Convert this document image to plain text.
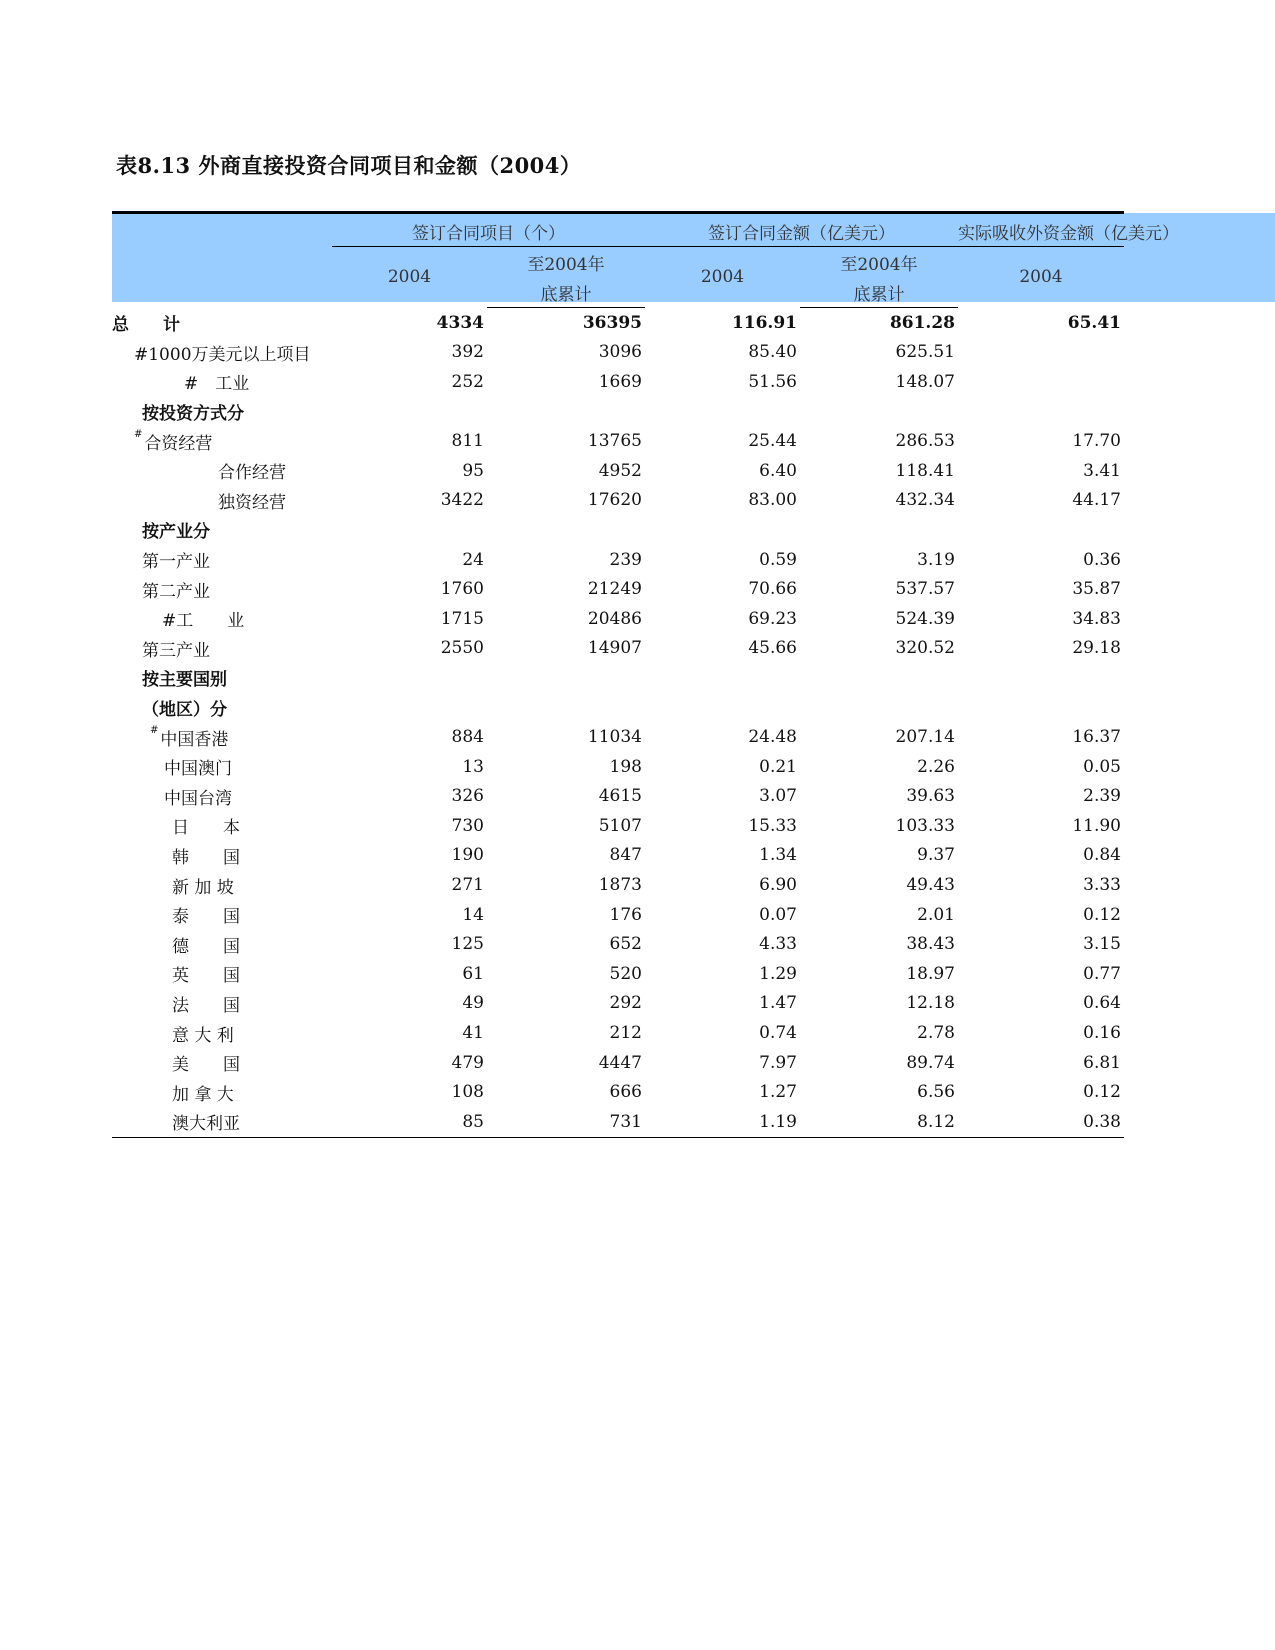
表8.13 外商直接投资合同项目和金额（2004）
	签订合同项目（个）		签订合同金额（亿美元）		实际吸收外资金额（亿美元）

	2004	至2004年	2004	至2004年	2004
		底累计		底累计	
总　　计	4334	36395	116.91	861.28	65.41
#1000万美元以上项目	392	3096	85.40	625.51	
#　工业	252	1669	51.56	148.07	
按投资方式分					
# 合资经营	811	13765	25.44	286.53	17.70
合作经营	95	4952	6.40	118.41	3.41
独资经营	3422	17620	83.00	432.34	44.17
按产业分					
第一产业	24	239	0.59	3.19	0.36
第二产业	1760	21249	70.66	537.57	35.87
#工　　业	1715	20486	69.23	524.39	34.83
第三产业	2550	14907	45.66	320.52	29.18
按主要国别					
（地区）分					
# 中国香港	884	11034	24.48	207.14	16.37
中国澳门	13	198	0.21	2.26	0.05
中国台湾	326	4615	3.07	39.63	2.39
日　　本	730	5107	15.33	103.33	11.90
韩　　国	190	847	1.34	9.37	0.84
新 加 坡	271	1873	6.90	49.43	3.33
泰　　国	14	176	0.07	2.01	0.12
德　　国	125	652	4.33	38.43	3.15
英　　国	61	520	1.29	18.97	0.77
法　　国	49	292	1.47	12.18	0.64
意 大 利	41	212	0.74	2.78	0.16
美　　国	479	4447	7.97	89.74	6.81
加 拿 大	108	666	1.27	6.56	0.12
澳大利亚	85	731	1.19	8.12	0.38
